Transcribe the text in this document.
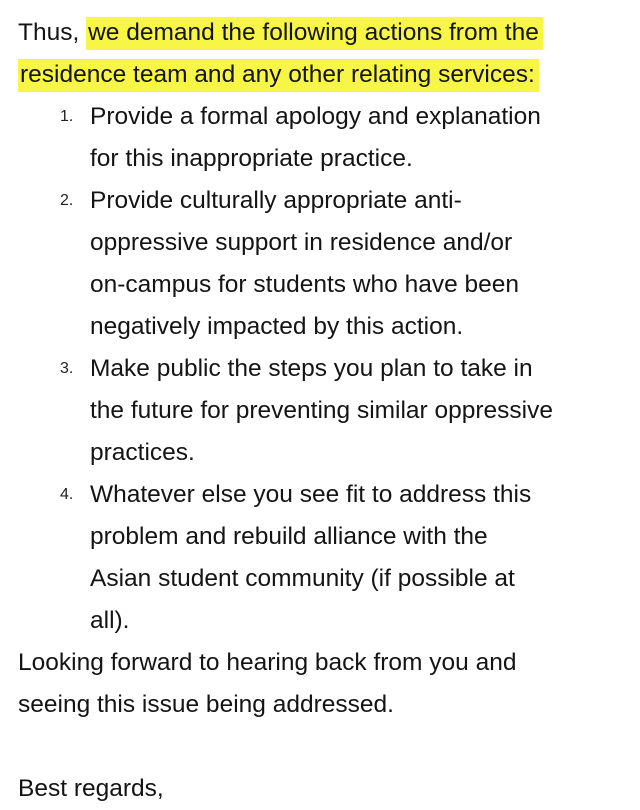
Thus, we demand the following actions from the
residence team and any other relating services:
1. Provide a formal apology and explanation
for this inappropriate practice.
2. Provide culturally appropriate anti-
oppressive support in residence and/or
on-campus for students who have been
negatively impacted by this action.
3. Make public the steps you plan to take in
the future for preventing similar oppressive
practices.
4. Whatever else you see fit to address this
problem and rebuild alliance with the
Asian student community (if possible at
all).
Looking forward to hearing back from you and
seeing this issue being addressed.
Best regards,
